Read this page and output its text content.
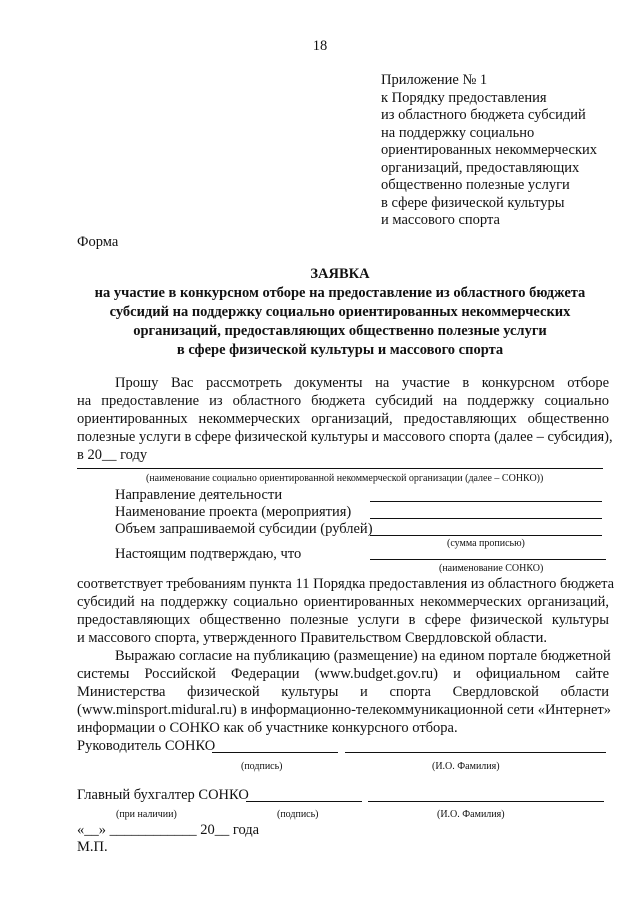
18
Приложение № 1
к Порядку предоставления
из областного бюджета субсидий
на поддержку социально
ориентированных некоммерческих
организаций, предоставляющих
общественно полезные услуги
в сфере физической культуры
и массового спорта
Форма
ЗАЯВКА
на участие в конкурсном отборе на предоставление из областного бюджета
субсидий на поддержку социально ориентированных некоммерческих
организаций, предоставляющих общественно полезные услуги
в сфере физической культуры и массового спорта
Прошу Вас рассмотреть документы на участие в конкурсном отборе
на предоставление из областного бюджета субсидий на поддержку социально
ориентированных некоммерческих организаций, предоставляющих общественно
полезные услуги в сфере физической культуры и массового спорта (далее – субсидия),
в 20__ году
(наименование социально ориентированной некоммерческой организации (далее – СОНКО))
Направление деятельности
Наименование проекта (мероприятия)
Объем запрашиваемой субсидии (рублей)
(сумма прописью)
Настоящим подтверждаю, что
(наименование СОНКО)
соответствует требованиям пункта 11 Порядка предоставления из областного бюджета
субсидий на поддержку социально ориентированных некоммерческих организаций,
предоставляющих общественно полезные услуги в сфере физической культуры
и массового спорта, утвержденного Правительством Свердловской области.
Выражаю согласие на публикацию (размещение) на едином портале бюджетной
системы Российской Федерации (www.budget.gov.ru) и официальном сайте
Министерства физической культуры и спорта Свердловской области
(www.minsport.midural.ru) в информационно-телекоммуникационной сети «Интернет»
информации о СОНКО как об участнике конкурсного отбора.
Руководитель СОНКО
(подпись)	(И.О. Фамилия)
Главный бухгалтер СОНКО
(при наличии)	(подпись)	(И.О. Фамилия)
«__» ____________ 20__ года
М.П.
